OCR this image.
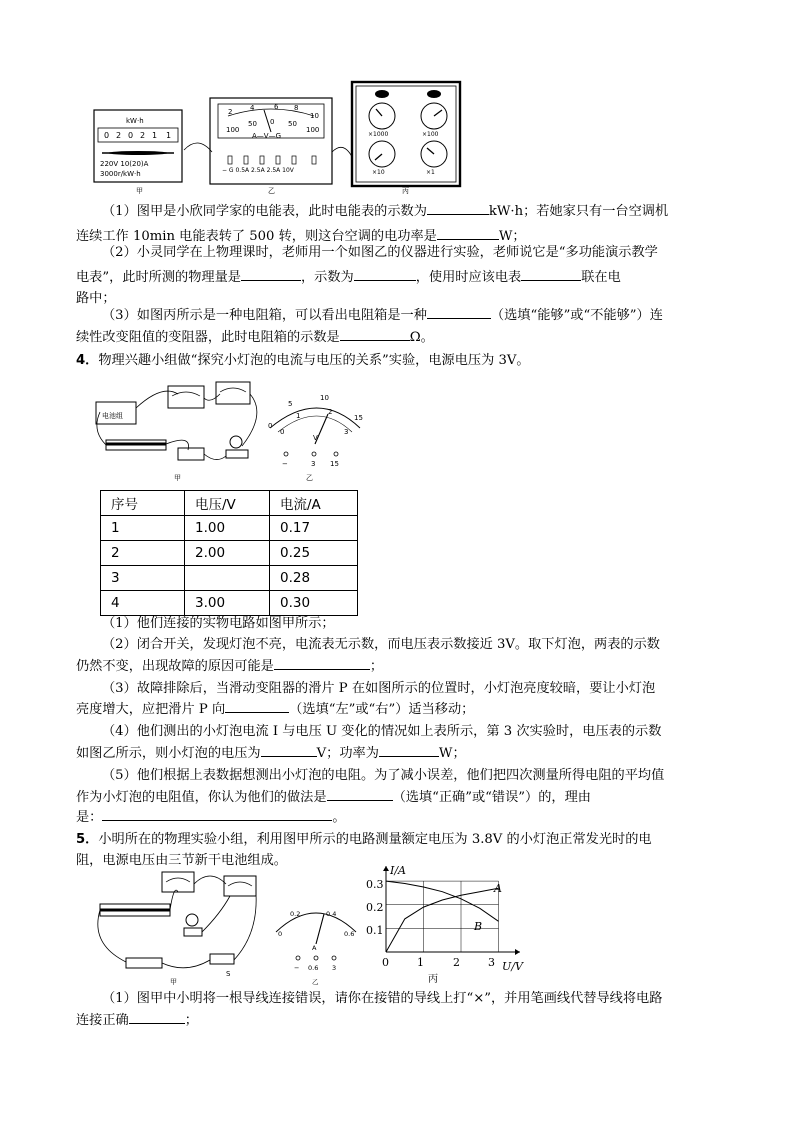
kW·h
0 2 0 2 1 1
220V 10(20)A
3000r/kW·h
甲
2	4	6 8
10
100
50 0 50
100
A—V—G
− G 0.5A 2.5A 2.5A 10V
乙
×1000	×100
×10	×1
丙
（1）图甲是小欣同学家的电能表，此时电能表的示数为	kW·h；若她家只有一台空调机
连续工作 10min 电能表转了 500 转，则这台空调的电功率是	W；
（2）小灵同学在上物理课时，老师用一个如图乙的仪器进行实验，老师说它是“多功能演示教学
电表”，此时所测的物理量是	，示数为	，使用时应该电表	联在电
路中；
（3）如图丙所示是一种电阻箱，可以看出电阻箱是一种	（选填“能够”或“不能够”）连
续性改变阻值的变阻器，此时电阻箱的示数是	Ω。
4．物理兴趣小组做“探究小灯泡的电流与电压的关系”实验，电源电压为 3V。
电池组
甲
0
5
10
15
0
1	2
3
V
−	3 15
乙
序号	电压/V	电流/A
1	1.00	0.17
2	2.00	0.25
3		0.28
4	3.00	0.30
（1）他们连接的实物电路如图甲所示；
（2）闭合开关，发现灯泡不亮，电流表无示数，而电压表示数接近 3V。取下灯泡，两表的示数
仍然不变，出现故障的原因可能是	；
（3）故障排除后，当滑动变阻器的滑片 P 在如图所示的位置时，小灯泡亮度较暗，要让小灯泡
亮度增大，应把滑片 P 向	（选填“左”或“右”）适当移动；
（4）他们测出的小灯泡电流 I 与电压 U 变化的情况如上表所示，第 3 次实验时，电压表的示数
如图乙所示，则小灯泡的电压为	V；功率为	W；
（5）他们根据上表数据想测出小灯泡的电阻。为了减小误差，他们把四次测量所得电阻的平均值
作为小灯泡的电阻值，你认为他们的做法是	（选填“正确”或“错误”）的，理由
是：	。
5．小明所在的物理实验小组，利用图甲所示的电路测量额定电压为 3.8V 的小灯泡正常发光时的电
阻，电源电压由三节新干电池组成。
S
甲
0
0.2	0.4
0.6
A
− 0.6 3
乙
I/A
U/V
丙
0.3
0.2
0.1
0	1	2	3
A
B
（1）图甲中小明将一根导线连接错误，请你在接错的导线上打“×”，并用笔画线代替导线将电路
连接正确	；
